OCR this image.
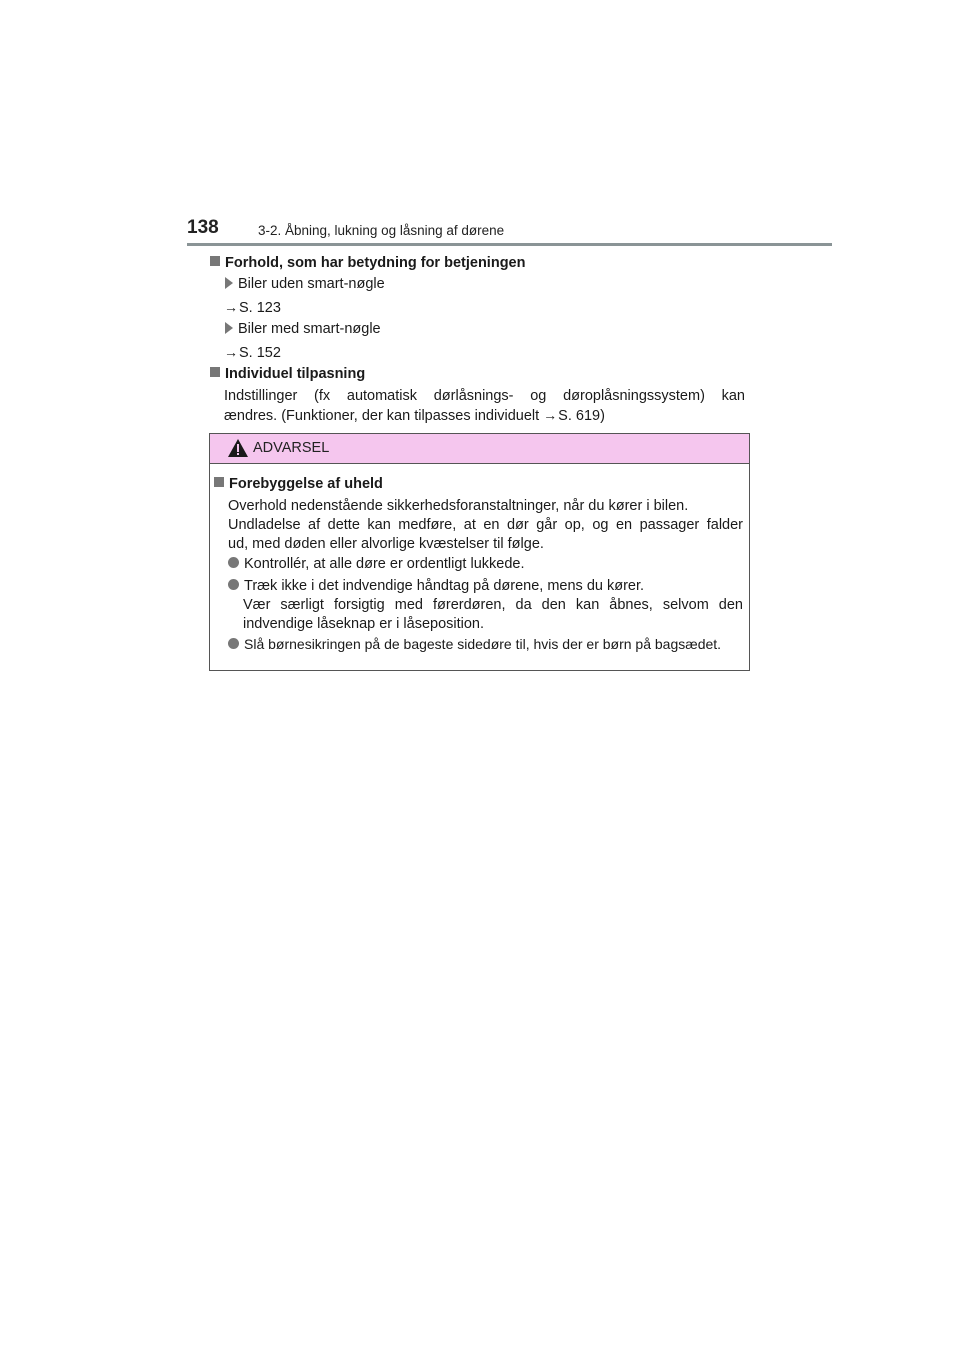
138	3-2. Åbning, lukning og låsning af dørene
Forhold, som har betydning for betjeningen
Biler uden smart-nøgle
→S. 123
Biler med smart-nøgle
→S. 152
Individuel tilpasning
Indstillinger (fx automatisk dørlåsnings- og døroplåsningssystem) kan
ændres. (Funktioner, der kan tilpasses individuelt →S. 619)
ADVARSEL
Forebyggelse af uheld
Overhold nedenstående sikkerhedsforanstaltninger, når du kører i bilen.
Undladelse af dette kan medføre, at en dør går op, og en passager falder
ud, med døden eller alvorlige kvæstelser til følge.
Kontrollér, at alle døre er ordentligt lukkede.
Træk ikke i det indvendige håndtag på dørene, mens du kører.
Vær særligt forsigtig med førerdøren, da den kan åbnes, selvom den
indvendige låseknap er i låseposition.
Slå børnesikringen på de bageste sidedøre til, hvis der er børn på bagsædet.
